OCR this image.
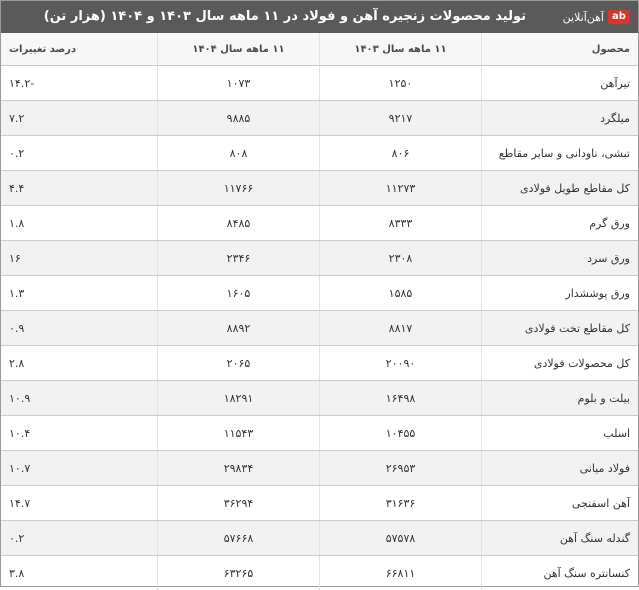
ab
آهن‌آنلاین
تولید محصولات زنجیره آهن و فولاد در ۱۱ ماهه سال ۱۴۰۳ و ۱۴۰۴ (هزار تن)
محصول	۱۱ ماهه سال ۱۴۰۳	۱۱ ماهه سال ۱۴۰۴	درصد تغییرات
تیرآهن	۱۲۵۰	۱۰۷۳	-۱۴.۲
میلگرد	۹۲۱۷	۹۸۸۵	۷.۲
تبشی، ناودانی و سایر مقاطع	۸۰۶	۸۰۸	۰.۲
کل مقاطع طویل فولادی	۱۱۲۷۳	۱۱۷۶۶	۴.۴
ورق گرم	۸۳۳۳	۸۴۸۵	۱.۸
ورق سرد	۲۳۰۸	۲۳۴۶	۱۶
ورق پوششدار	۱۵۸۵	۱۶۰۵	۱.۳
کل مقاطع تخت فولادی	۸۸۱۷	۸۸۹۲	۰.۹
کل محصولات فولادی	۲۰۰۹۰	۲۰۶۵	۲.۸
بیلت و بلوم	۱۶۴۹۸	۱۸۲۹۱	۱۰.۹
اسلب	۱۰۴۵۵	۱۱۵۴۳	۱۰.۴
فولاد میانی	۲۶۹۵۳	۲۹۸۳۴	۱۰.۷
آهن اسفنجی	۳۱۶۳۶	۳۶۲۹۴	۱۴.۷
گندله سنگ آهن	۵۷۵۷۸	۵۷۶۶۸	۰.۲
کنسانتره سنگ آهن	۶۶۸۱۱	۶۳۲۶۵	۳.۸
